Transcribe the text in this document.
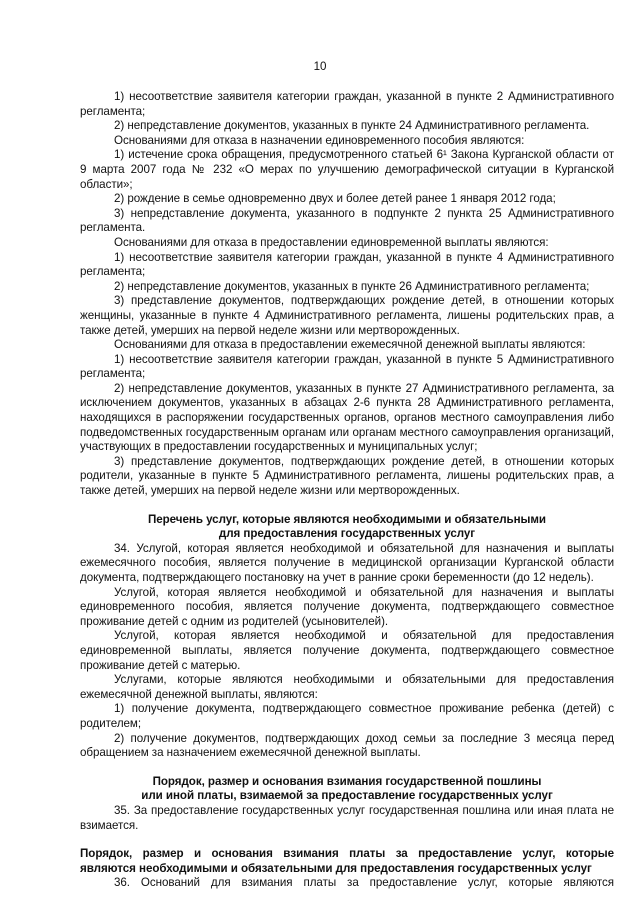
10

1) несоответствие заявителя категории граждан, указанной в пункте 2 Административного регламента;

2) непредставление документов, указанных в пункте 24 Административного регламента.

Основаниями для отказа в назначении единовременного пособия являются:

1) истечение срока обращения, предусмотренного статьей 6¹ Закона Курганской области от 9 марта 2007 года № 232 «О мерах по улучшению демографической ситуации в Курганской области»;

2) рождение в семье одновременно двух и более детей ранее 1 января 2012 года;

3) непредставление документа, указанного в подпункте 2 пункта 25 Административного регламента.

Основаниями для отказа в предоставлении единовременной выплаты являются:

1) несоответствие заявителя категории граждан, указанной в пункте 4 Административного регламента;

2) непредставление документов, указанных в пункте 26 Административного регламента;

3) представление документов, подтверждающих рождение детей, в отношении которых женщины, указанные в пункте 4 Административного регламента, лишены родительских прав, а также детей, умерших на первой неделе жизни или мертворожденных.

Основаниями для отказа в предоставлении ежемесячной денежной выплаты являются:

1) несоответствие заявителя категории граждан, указанной в пункте 5 Административного регламента;

2) непредставление документов, указанных в пункте 27 Административного регламента, за исключением документов, указанных в абзацах 2-6 пункта 28 Административного регламента, находящихся в распоряжении государственных органов, органов местного самоуправления либо подведомственных государственным органам или органам местного самоуправления организаций, участвующих в предоставлении государственных и муниципальных услуг;

3) представление документов, подтверждающих рождение детей, в отношении которых родители, указанные в пункте 5 Административного регламента, лишены родительских прав, а также детей, умерших на первой неделе жизни или мертворожденных.

Перечень услуг, которые являются необходимыми и обязательными
для предоставления государственных услуг

34. Услугой, которая является необходимой и обязательной для назначения и выплаты ежемесячного пособия, является получение в медицинской организации Курганской области документа, подтверждающего постановку на учет в ранние сроки беременности (до 12 недель).

Услугой, которая является необходимой и обязательной для назначения и выплаты единовременного пособия, является получение документа, подтверждающего совместное проживание детей с одним из родителей (усыновителей).

Услугой, которая является необходимой и обязательной для предоставления единовременной выплаты, является получение документа, подтверждающего совместное проживание детей с матерью.

Услугами, которые являются необходимыми и обязательными для предоставления ежемесячной денежной выплаты, являются:

1) получение документа, подтверждающего совместное проживание ребенка (детей) с родителем;

2) получение документов, подтверждающих доход семьи за последние 3 месяца перед обращением за назначением ежемесячной денежной выплаты.

Порядок, размер и основания взимания государственной пошлины
или иной платы, взимаемой за предоставление государственных услуг

35. За предоставление государственных услуг государственная пошлина или иная плата не взимается.

Порядок, размер и основания взимания платы за предоставление услуг, которые
являются необходимыми и обязательными для предоставления государственных услуг

36. Оснований для взимания платы за предоставление услуг, которые являются
